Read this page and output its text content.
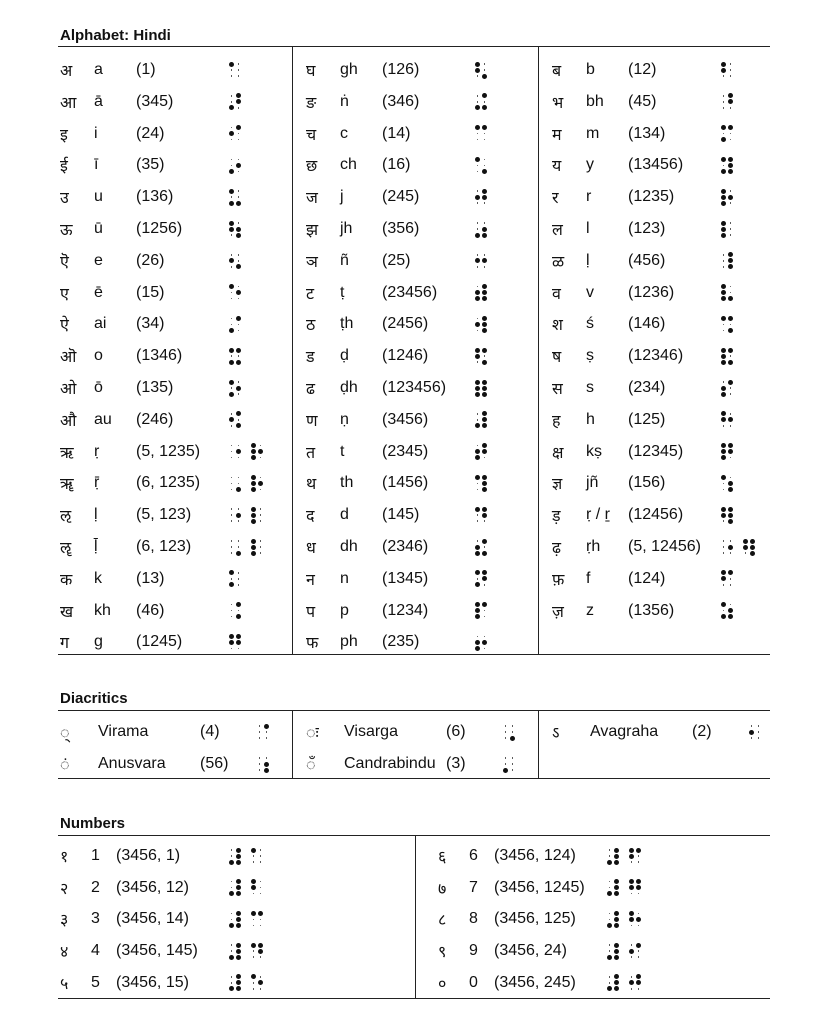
Alphabet: Hindi
अ a (1)
आ ā (345)
इ i (24)
ई ī (35)
उ u (136)
ऊ ū (1256)
ऎ e (26)
ए ē (15)
ऐ ai (34)
ऒ o (1346)
ओ ō (135)
औ au (246)
ऋ ṛ (5, 1235)
ॠ ṝ (6, 1235)
ऌ ḷ (5, 123)
ॡ ḹ (6, 123)
क k (13)
ख kh (46)
ग g (1245)
घ gh (126)
ङ ṅ (346)
च c (14)
छ ch (16)
ज j (245)
झ jh (356)
ञ ñ (25)
ट ṭ (23456)
ठ ṭh (2456)
ड ḍ (1246)
ढ ḍh (123456)
ण ṇ (3456)
त t (2345)
थ th (1456)
द d (145)
ध dh (2346)
न n (1345)
प p (1234)
फ ph (235)
ब b (12)
भ bh (45)
म m (134)
य y (13456)
र r (1235)
ल l (123)
ळ ḷ (456)
व v (1236)
श ś (146)
ष ṣ (12346)
स s (234)
ह h (125)
क्ष kṣ (12345)
ज्ञ jñ (156)
ड़ ṛ / ṟ (12456)
ढ़ ṛh (5, 12456)
फ़ f (124)
ज़ z (1356)
Diacritics
◌् Virama	(4)
◌ं Anusvara (56)
◌ः Visarga	(6)
◌ँ Candrabindu (3)
ऽ Avagraha (2)
Numbers
१ 1 (3456, 1)
२ 2 (3456, 12)
३ 3 (3456, 14)
४ 4 (3456, 145)
५ 5 (3456, 15)
६ 6 (3456, 124)
७ 7 (3456, 1245)
८ 8 (3456, 125)
९ 9 (3456, 24)
० 0 (3456, 245)
